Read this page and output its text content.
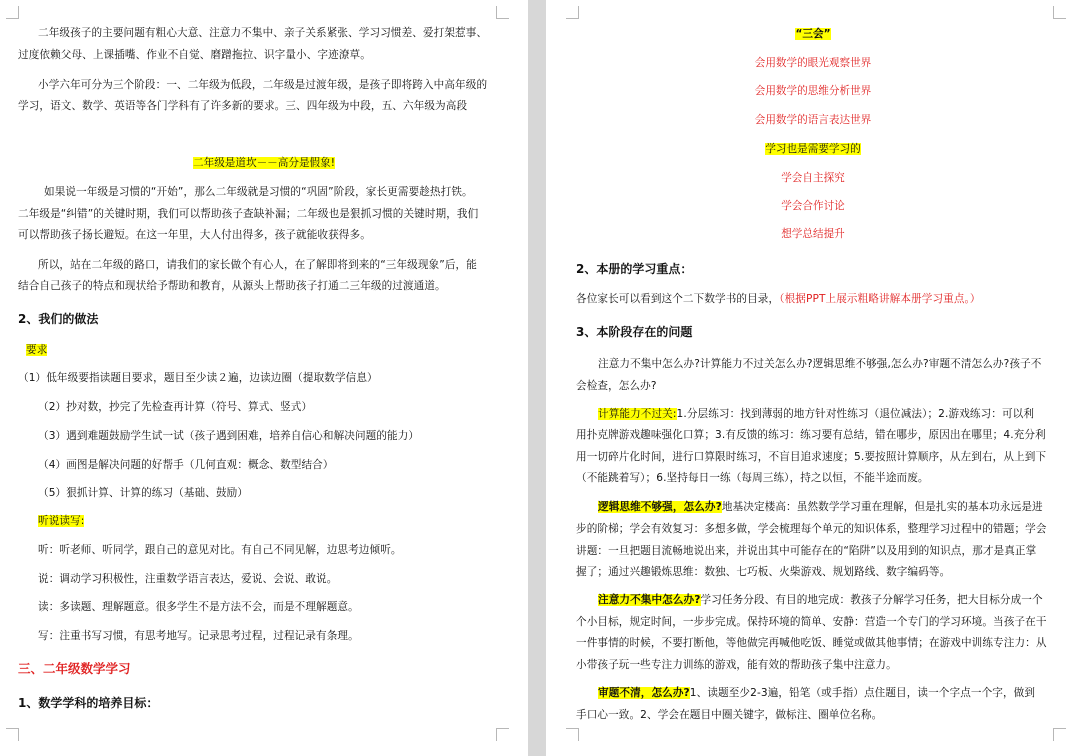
二年级孩子的主要问题有粗心大意、注意力不集中、亲子关系紧张、学习习惯差、爱打架惹事、
过度依赖父母、上课插嘴、作业不自觉、磨蹭拖拉、识字量小、字迹潦草。
小学六年可分为三个阶段：一、二年级为低段，二年级是过渡年级，是孩子即将跨入中高年级的
学习，语文、数学、英语等各门学科有了许多新的要求。三、四年级为中段，五、六年级为高段
二年级是道坎－－高分是假象!
如果说一年级是习惯的“开始”，那么二年级就是习惯的“巩固”阶段，家长更需要趁热打铁。
二年级是“纠错”的关键时期，我们可以帮助孩子查缺补漏；二年级也是狠抓习惯的关键时期，我们
可以帮助孩子扬长避短。在这一年里，大人付出得多，孩子就能收获得多。
所以，站在二年级的路口，请我们的家长做个有心人，在了解即将到来的“三年级现象”后，能
结合自己孩子的特点和现状给予帮助和教育，从源头上帮助孩子打通二三年级的过渡通道。
2、我们的做法
要求
（1）低年级要指读题目要求，题目至少读２遍，边读边圈（提取数学信息）
（2）抄对数，抄完了先检查再计算（符号、算式、竖式）
（3）遇到难题鼓励学生试一试（孩子遇到困难，培养自信心和解决问题的能力）
（4）画图是解决问题的好帮手（几何直观：概念、数型结合）
（5）狠抓计算、计算的练习（基础、鼓励）
听说读写:
听：听老师、听同学，跟自己的意见对比。有自己不同见解，边思考边倾听。
说：调动学习积极性，注重数学语言表达，爱说、会说、敢说。
读：多读题、理解题意。很多学生不是方法不会，而是不理解题意。
写：注重书写习惯，有思考地写。记录思考过程，过程记录有条理。
三、二年级数学学习
1、数学学科的培养目标：
“三会”
会用数学的眼光观察世界
会用数学的思维分析世界
会用数学的语言表达世界
学习也是需要学习的
学会自主探究
学会合作讨论
想学总结提升
2、本册的学习重点：
各位家长可以看到这个二下数学书的目录，（根据PPT上展示粗略讲解本册学习重点。）
3、本阶段存在的问题
注意力不集中怎么办?计算能力不过关怎么办?逻辑思维不够强,怎么办?审题不清怎么办?孩子不
会检查，怎么办?
计算能力不过关:1.分层练习：找到薄弱的地方针对性练习（退位减法）；2.游戏练习：可以利
用扑克牌游戏趣味强化口算；3.有反馈的练习：练习要有总结，错在哪步，原因出在哪里；4.充分利
用一切碎片化时间，进行口算限时练习，不盲目追求速度；5.要按照计算顺序，从左到右，从上到下
（不能跳着写）；6.坚持每日一练（每周三练），持之以恒，不能半途而废。
逻辑思维不够强，怎么办?地基决定楼高：虽然数学学习重在理解，但是扎实的基本功永远是进
步的阶梯；学会有效复习：多想多做，学会梳理每个单元的知识体系，整理学习过程中的错题；学会
讲题：一旦把题目流畅地说出来，并说出其中可能存在的“陷阱”以及用到的知识点，那才是真正掌
握了；通过兴趣锻炼思维：数独、七巧板、火柴游戏、规划路线、数字编码等。
注意力不集中怎么办?学习任务分段、有目的地完成：教孩子分解学习任务，把大目标分成一个
个小目标，规定时间，一步步完成。保持环境的简单、安静：营造一个专门的学习环境。当孩子在干
一件事情的时候，不要打断他，等他做完再喊他吃饭、睡觉或做其他事情；在游戏中训练专注力：从
小带孩子玩一些专注力训练的游戏，能有效的帮助孩子集中注意力。
审题不清，怎么办?1、读题至少2-3遍，铅笔（或手指）点住题目，读一个字点一个字，做到
手口心一致。2、学会在题目中圈关键字，做标注、圈单位名称。
